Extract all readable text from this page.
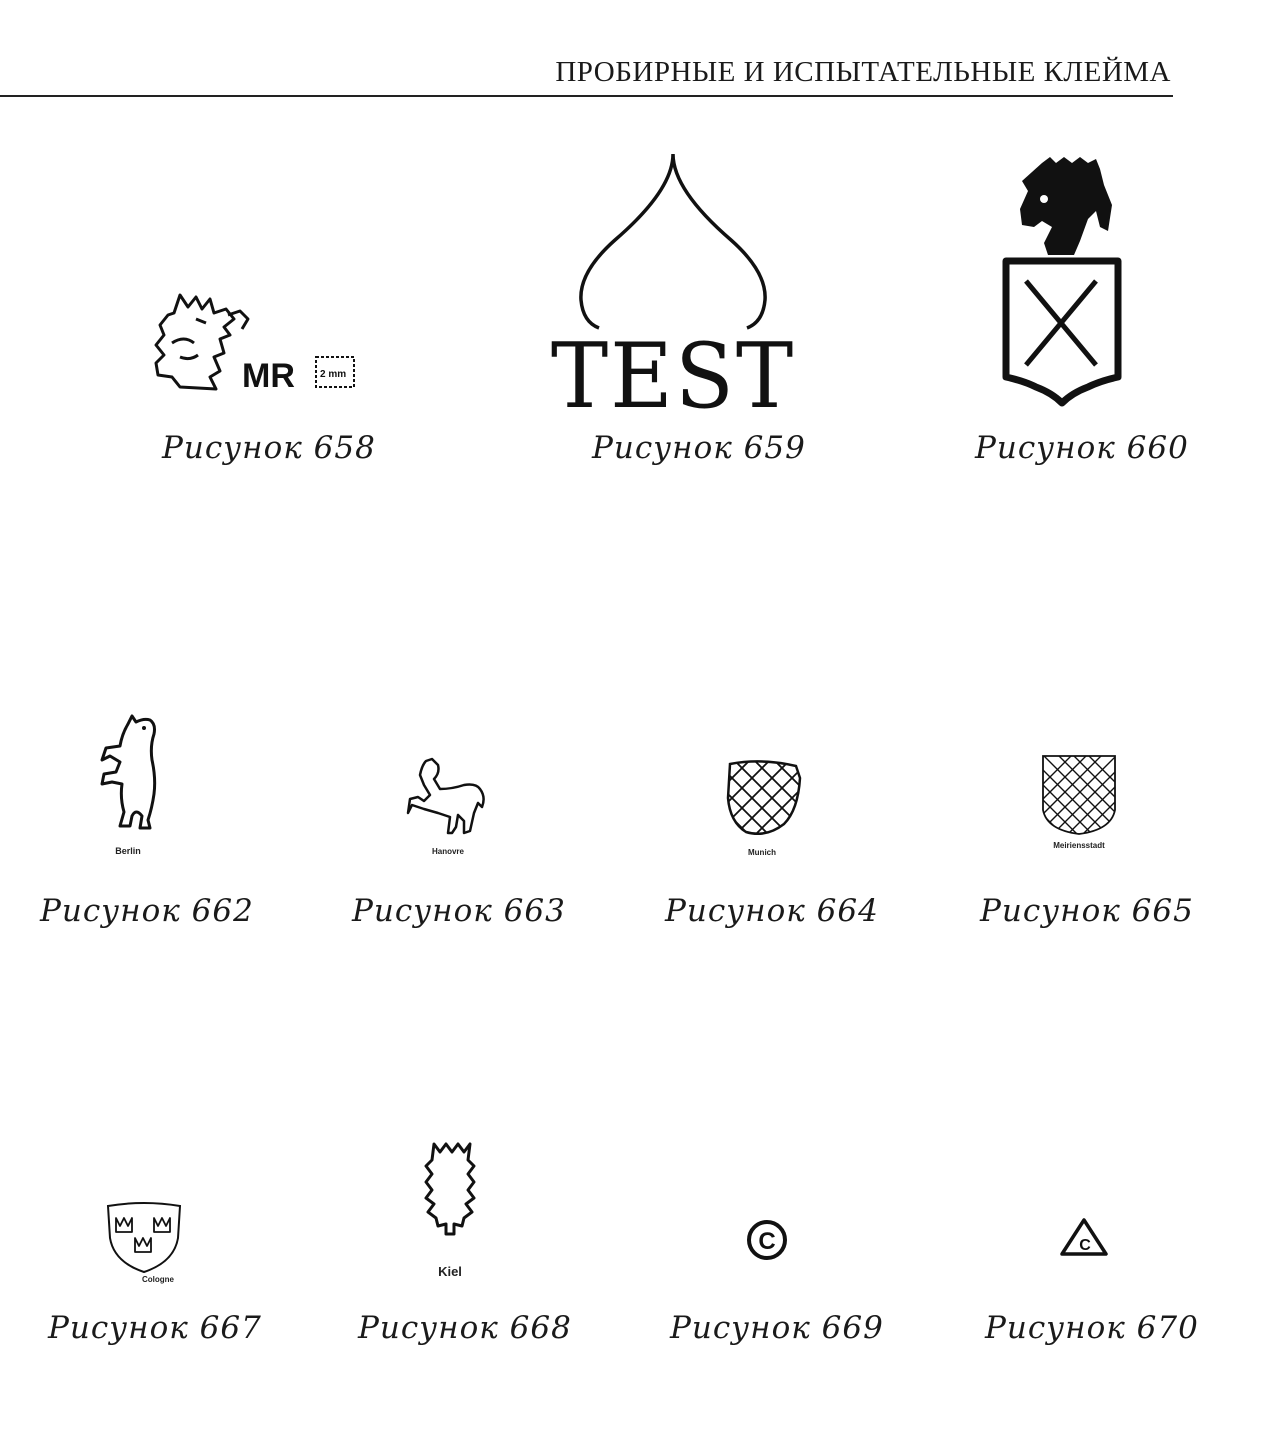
ПРОБИРНЫЕ И ИСПЫТАТЕЛЬНЫЕ КЛЕЙМА
MR	2 mm
Рисунок 658
TEST
Рисунок 659	Рисунок 660
Berlin
Рисунок 662
Hanovre
Рисунок 663
Munich
Рисунок 664
Meiriensstadt
Рисунок 665
Cologne
Рисунок 667
Kiel
Рисунок 668
C
Рисунок 669
C
Рисунок 670
